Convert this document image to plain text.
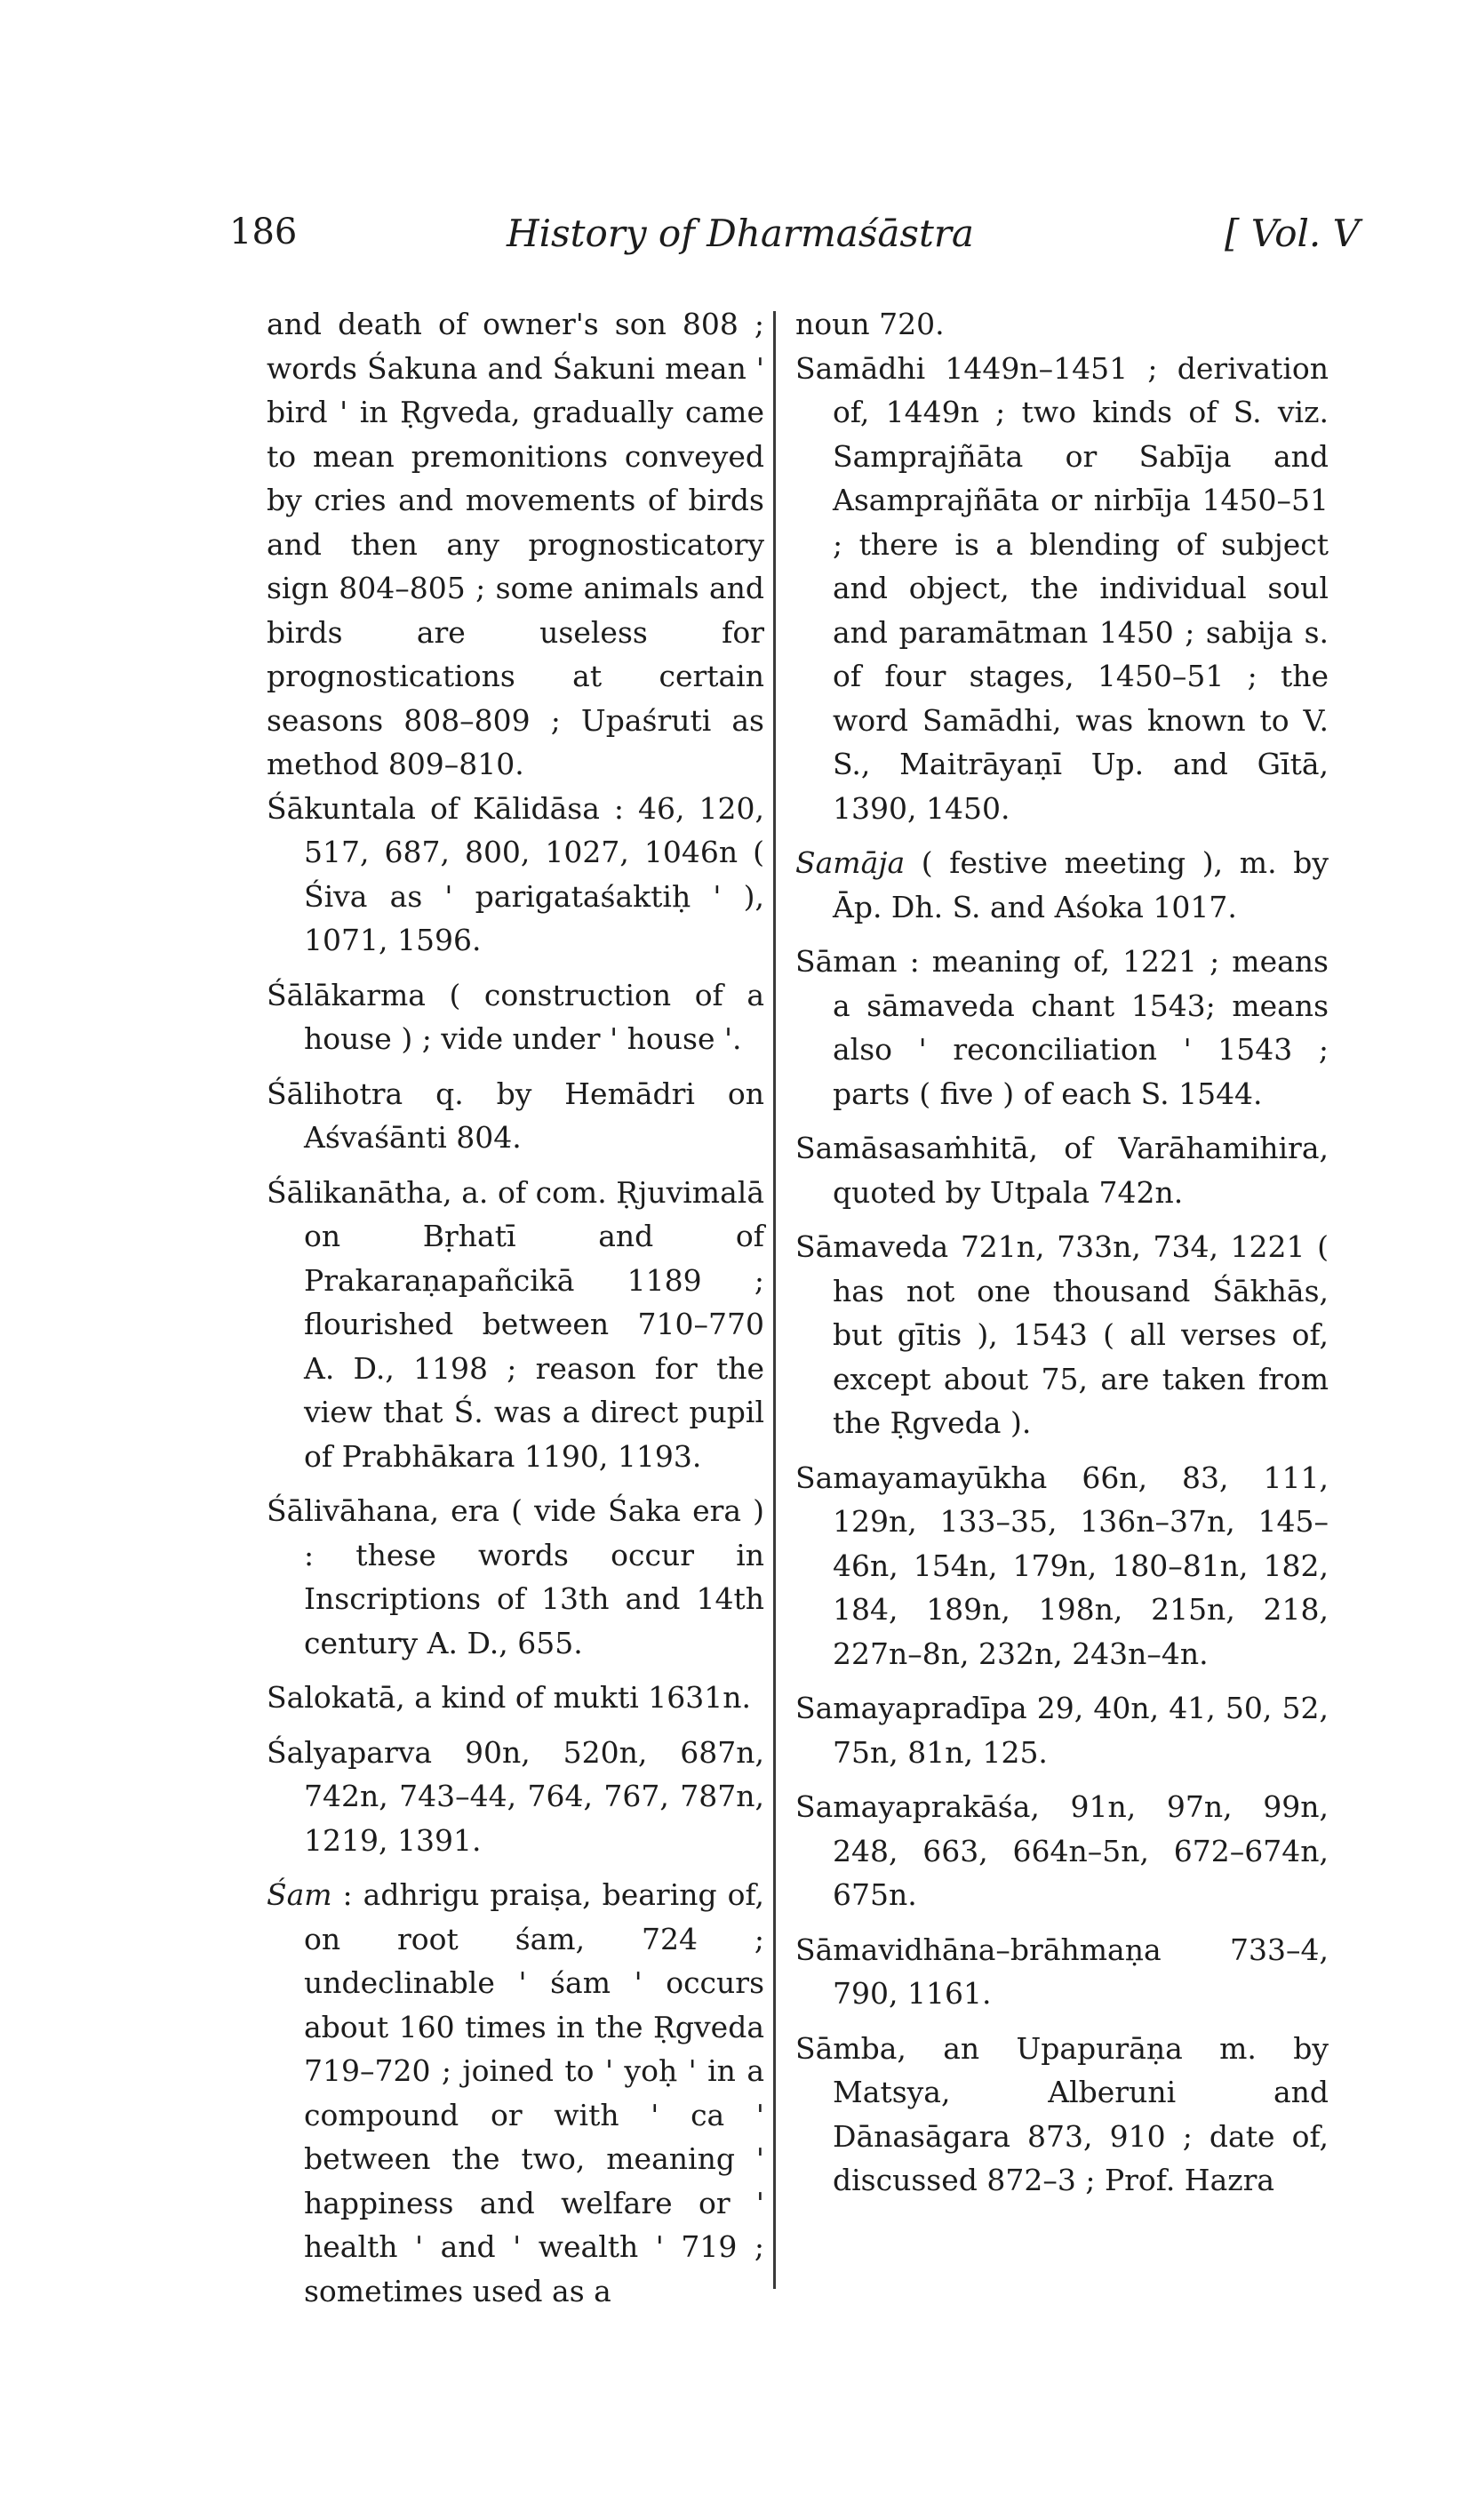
186	History of Dharmaśāstra	[ Vol. V

and death of owner's son 808 ; words Śakuna and Śakuni mean ' bird ' in Ṛgveda, gradually came to mean premonitions conveyed by cries and movements of birds and then any prognosticatory sign 804–805 ; some animals and birds are useless for prognostications at certain seasons 808–809 ; Upaśruti as method 809–810.

Śākuntala of Kālidāsa : 46, 120, 517, 687, 800, 1027, 1046n ( Śiva as ' parigataśaktiḥ ' ), 1071, 1596.

Śālākarma ( construction of a house ) ; vide under ' house '.

Śālihotra q. by Hemādri on Aśvaśānti 804.

Śālikanātha, a. of com. Ṛjuvimalā on Bṛhatī and of Prakaraṇapañcikā 1189 ; flourished between 710–770 A. D., 1198 ; reason for the view that Ś. was a direct pupil of Prabhākara 1190, 1193.

Śālivāhana, era ( vide Śaka era ) : these words occur in Inscriptions of 13th and 14th century A. D., 655.

Salokatā, a kind of mukti 1631n.

Śalyaparva 90n, 520n, 687n, 742n, 743–44, 764, 767, 787n, 1219, 1391.

Śam : adhrigu praiṣa, bearing of, on root śam, 724 ; undeclinable ' śam ' occurs about 160 times in the Ṛgveda 719–720 ; joined to ' yoḥ ' in a compound or with ' ca ' between the two, meaning ' happiness and welfare or ' health ' and ' wealth ' 719 ; sometimes used as a

noun 720.

Samādhi 1449n–1451 ; derivation of, 1449n ; two kinds of S. viz. Samprajñāta or Sabīja and Asamprajñāta or nirbīja 1450–51 ; there is a blending of subject and object, the individual soul and paramātman 1450 ; sabija s. of four stages, 1450–51 ; the word Samādhi, was known to V. S., Maitrāyaṇī Up. and Gītā, 1390, 1450.

Samāja ( festive meeting ), m. by Āp. Dh. S. and Aśoka 1017.

Sāman : meaning of, 1221 ; means a sāmaveda chant 1543; means also ' reconciliation ' 1543 ; parts ( five ) of each S. 1544.

Samāsasaṁhitā, of Varāhamihira, quoted by Utpala 742n.

Sāmaveda 721n, 733n, 734, 1221 ( has not one thousand Śākhās, but gītis ), 1543 ( all verses of, except about 75, are taken from the Ṛgveda ).

Samayamayūkha 66n, 83, 111, 129n, 133–35, 136n–37n, 145–46n, 154n, 179n, 180–81n, 182, 184, 189n, 198n, 215n, 218, 227n–8n, 232n, 243n–4n.

Samayapradīpa 29, 40n, 41, 50, 52, 75n, 81n, 125.

Samayaprakāśa, 91n, 97n, 99n, 248, 663, 664n–5n, 672–674n, 675n.

Sāmavidhāna–brāhmaṇa 733–4, 790, 1161.

Sāmba, an Upapurāṇa m. by Matsya, Alberuni and Dānasāgara 873, 910 ; date of, discussed 872–3 ; Prof. Hazra
